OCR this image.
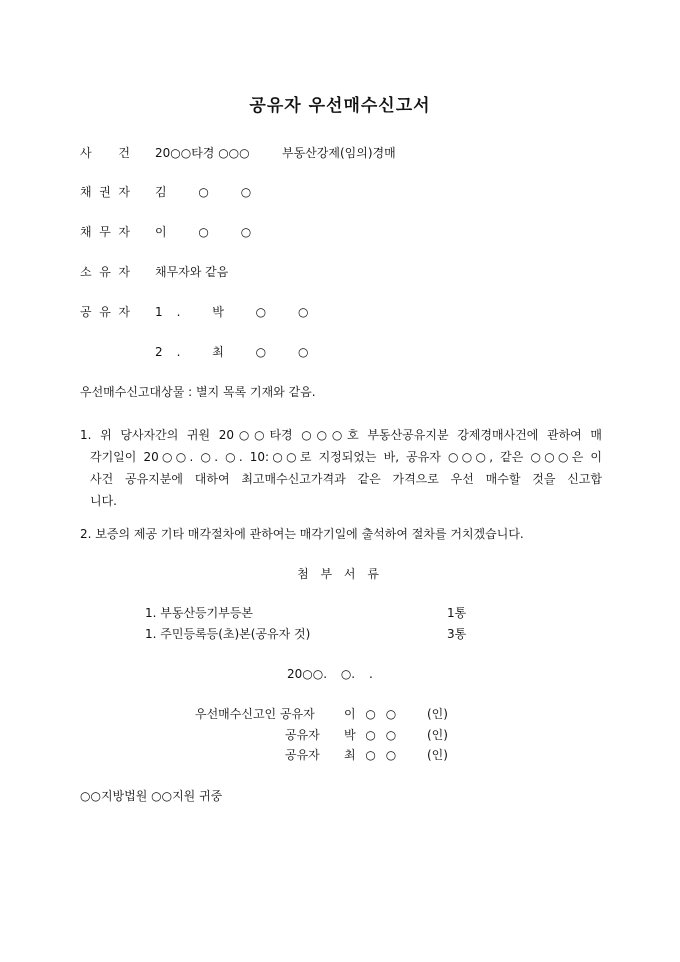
공유자 우선매수신고서
사 건 20○○타경 ○○○	부동산강제(임의)경매
채 권 자 김 ○ ○
채 무 자 이 ○ ○
소 유 자 채무자와 같음
공 유 자 1. 박 ○ ○
2. 최 ○ ○
우선매수신고대상물 : 별지 목록 기재와 같음.
1. 위 당사자간의 귀원 20○○타경 ○○○호 부동산공유지분 강제경매사건에 관하여 매
각기일이 20○○. ○. ○. 10:○○로 지정되었는 바, 공유자 ○○○, 같은 ○○○은 이
사건 공유지분에 대하여 최고매수신고가격과 같은 가격으로 우선 매수할 것을 신고합
니다.
2. 보증의 제공 기타 매각절차에 관하여는 매각기일에 출석하여 절차를 거치겠습니다.
첨 부 서 류
1. 부동산등기부등본	1통
1. 주민등록등(초)본(공유자 것)	3통
20○○. ○. .
우선매수신고인 공유자 이 ○ ○	(인)
공유자 박 ○ ○	(인)
공유자 최 ○ ○	(인)
○○지방법원 ○○지원 귀중
